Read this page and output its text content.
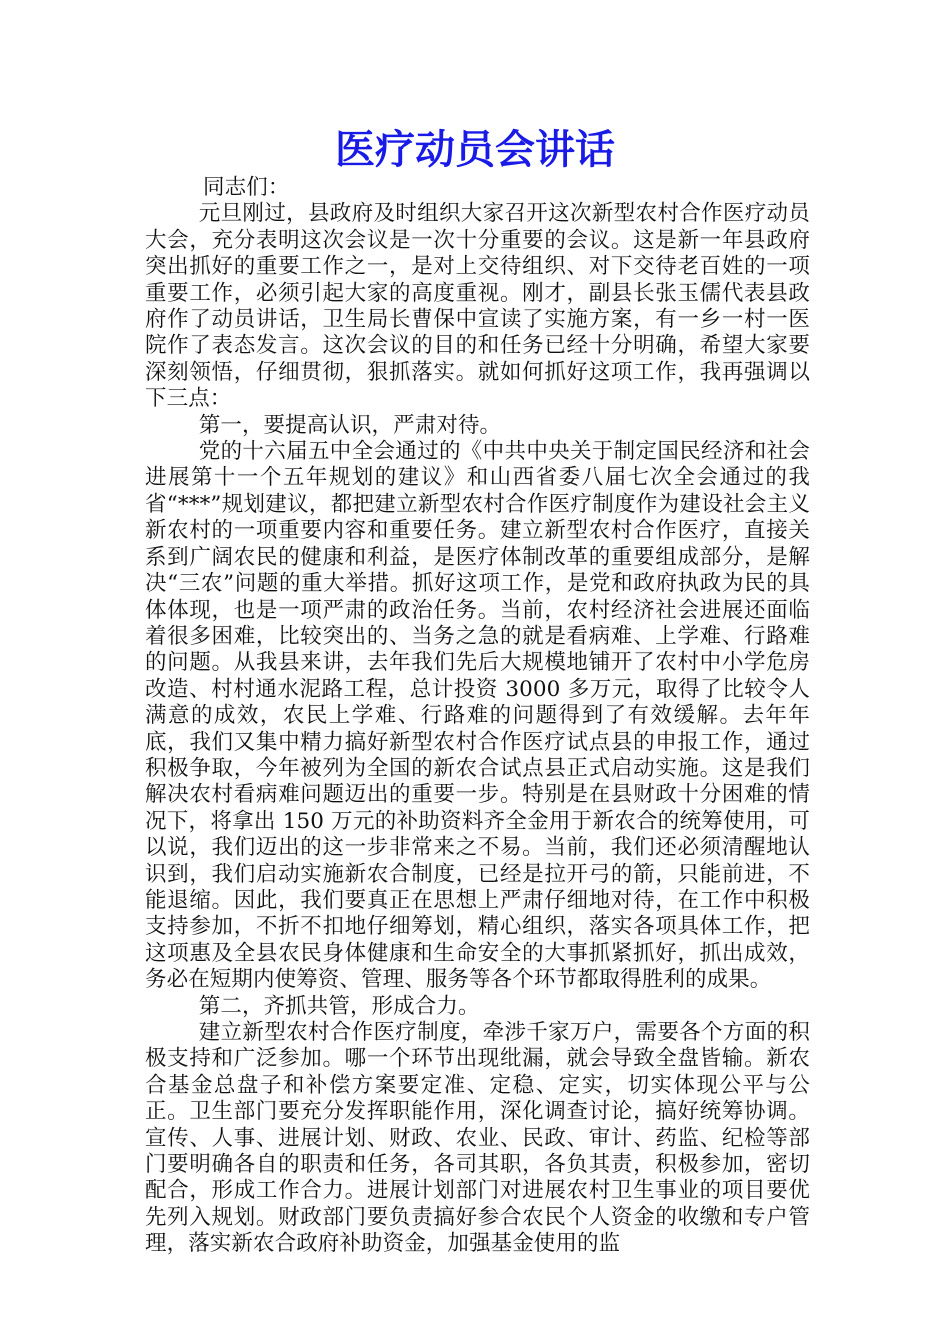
医疗动员会讲话

同志们：

元旦刚过，县政府及时组织大家召开这次新型农村合作医疗动员大会，充分表明这次会议是一次十分重要的会议。这是新一年县政府突出抓好的重要工作之一，是对上交待组织、对下交待老百姓的一项重要工作，必须引起大家的高度重视。刚才，副县长张玉儒代表县政府作了动员讲话，卫生局长曹保中宣读了实施方案，有一乡一村一医院作了表态发言。这次会议的目的和任务已经十分明确，希望大家要深刻领悟，仔细贯彻，狠抓落实。就如何抓好这项工作，我再强调以下三点：

第一，要提高认识，严肃对待。

党的十六届五中全会通过的《中共中央关于制定国民经济和社会进展第十一个五年规划的建议》和山西省委八届七次全会通过的我省“***”规划建议，都把建立新型农村合作医疗制度作为建设社会主义新农村的一项重要内容和重要任务。建立新型农村合作医疗，直接关系到广阔农民的健康和利益，是医疗体制改革的重要组成部分，是解决“三农”问题的重大举措。抓好这项工作，是党和政府执政为民的具体体现，也是一项严肃的政治任务。当前，农村经济社会进展还面临着很多困难，比较突出的、当务之急的就是看病难、上学难、行路难的问题。从我县来讲，去年我们先后大规模地铺开了农村中小学危房改造、村村通水泥路工程，总计投资 3000 多万元，取得了比较令人满意的成效，农民上学难、行路难的问题得到了有效缓解。去年年底，我们又集中精力搞好新型农村合作医疗试点县的申报工作，通过积极争取，今年被列为全国的新农合试点县正式启动实施。这是我们解决农村看病难问题迈出的重要一步。特别是在县财政十分困难的情况下，将拿出 150 万元的补助资料齐全金用于新农合的统筹使用，可以说，我们迈出的这一步非常来之不易。当前，我们还必须清醒地认识到，我们启动实施新农合制度，已经是拉开弓的箭，只能前进，不能退缩。因此，我们要真正在思想上严肃仔细地对待，在工作中积极支持参加，不折不扣地仔细筹划，精心组织，落实各项具体工作，把这项惠及全县农民身体健康和生命安全的大事抓紧抓好，抓出成效，务必在短期内使筹资、管理、服务等各个环节都取得胜利的成果。

第二，齐抓共管，形成合力。

建立新型农村合作医疗制度，牵涉千家万户，需要各个方面的积极支持和广泛参加。哪一个环节出现纰漏，就会导致全盘皆输。新农合基金总盘子和补偿方案要定准、定稳、定实，切实体现公平与公正。卫生部门要充分发挥职能作用，深化调查讨论，搞好统筹协调。宣传、人事、进展计划、财政、农业、民政、审计、药监、纪检等部门要明确各自的职责和任务，各司其职，各负其责，积极参加，密切配合，形成工作合力。进展计划部门对进展农村卫生事业的项目要优先列入规划。财政部门要负责搞好参合农民个人资金的收缴和专户管理，落实新农合政府补助资金，加强基金使用的监
